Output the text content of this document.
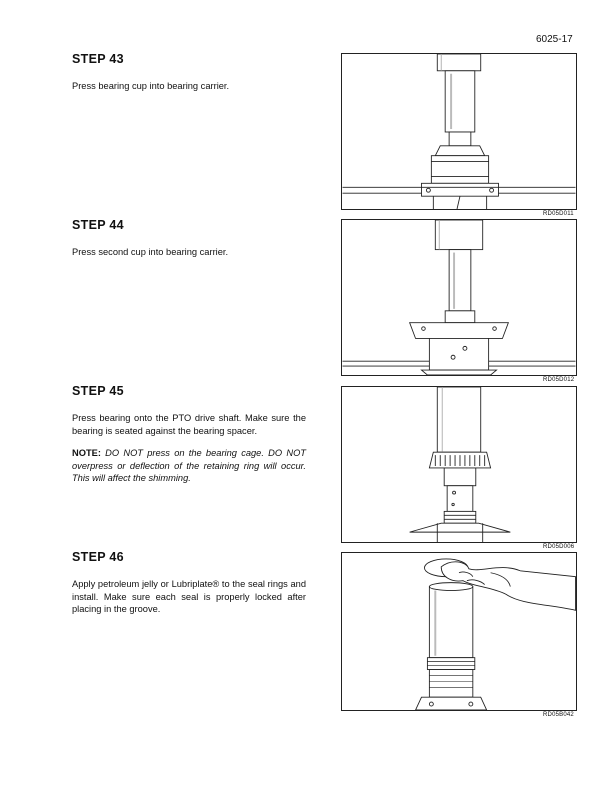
6025-17
STEP 43

Press bearing cup into bearing carrier.

RD05D011
STEP 44

Press second cup into bearing carrier.

RD05D012
STEP 45

Press bearing onto the PTO drive shaft. Make sure the bearing is seated against the bearing spacer.

NOTE: DO NOT press on the bearing cage. DO NOT overpress or deflection of the retaining ring will occur. This will affect the shimming.

RD05D006
STEP 46

Apply petroleum jelly or Lubriplate® to the seal rings and install. Make sure each seal is properly locked after placing in the groove.

RD05B042
